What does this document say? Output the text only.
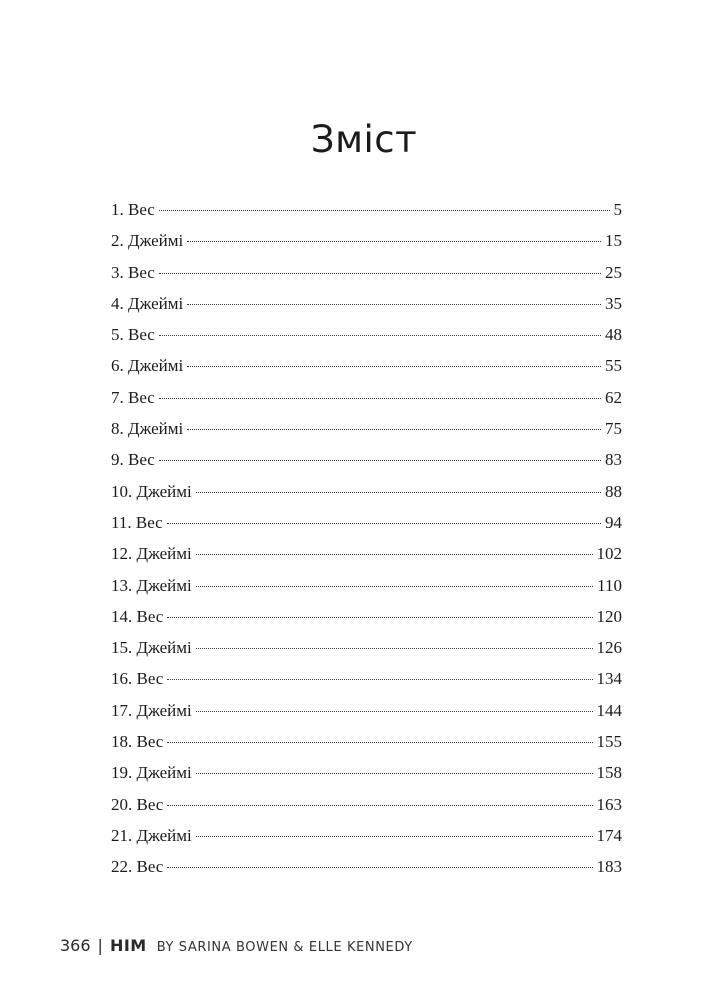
Зміст
1. Вес	5
2. Джеймі	15
3. Вес	25
4. Джеймі	35
5. Вес	48
6. Джеймі	55
7. Вес	62
8. Джеймі	75
9. Вес	83
10. Джеймі	88
11. Вес	94
12. Джеймі	102
13. Джеймі	110
14. Вес	120
15. Джеймі	126
16. Вес	134
17. Джеймі	144
18. Вес	155
19. Джеймі	158
20. Вес	163
21. Джеймі	174
22. Вес	183
366 | HIM BY SARINA BOWEN & ELLE KENNEDY
